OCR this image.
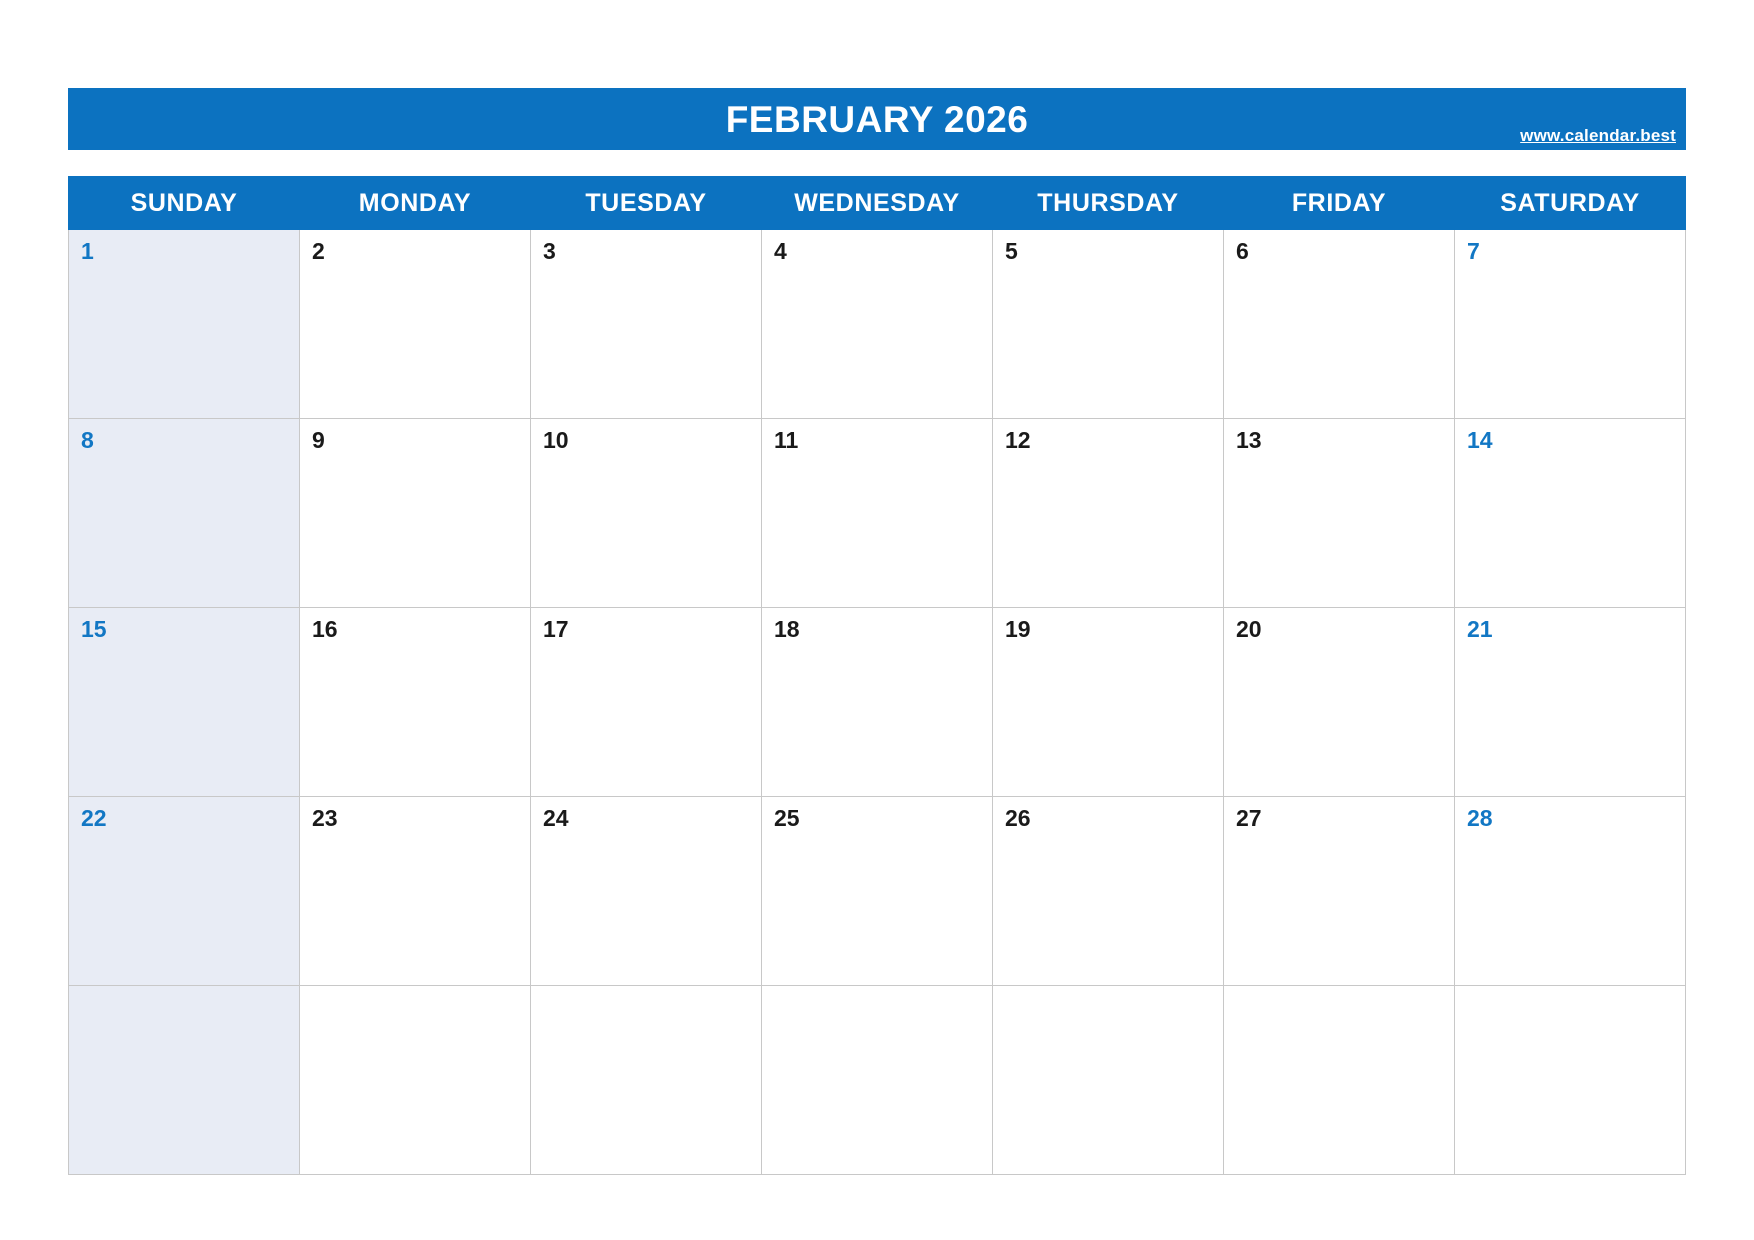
FEBRUARY 2026	www.calendar.best
SUNDAY	MONDAY	TUESDAY	WEDNESDAY	THURSDAY	FRIDAY	SATURDAY
1	2	3	4	5	6	7
8	9	10	11	12	13	14
15	16	17	18	19	20	21
22	23	24	25	26	27	28
